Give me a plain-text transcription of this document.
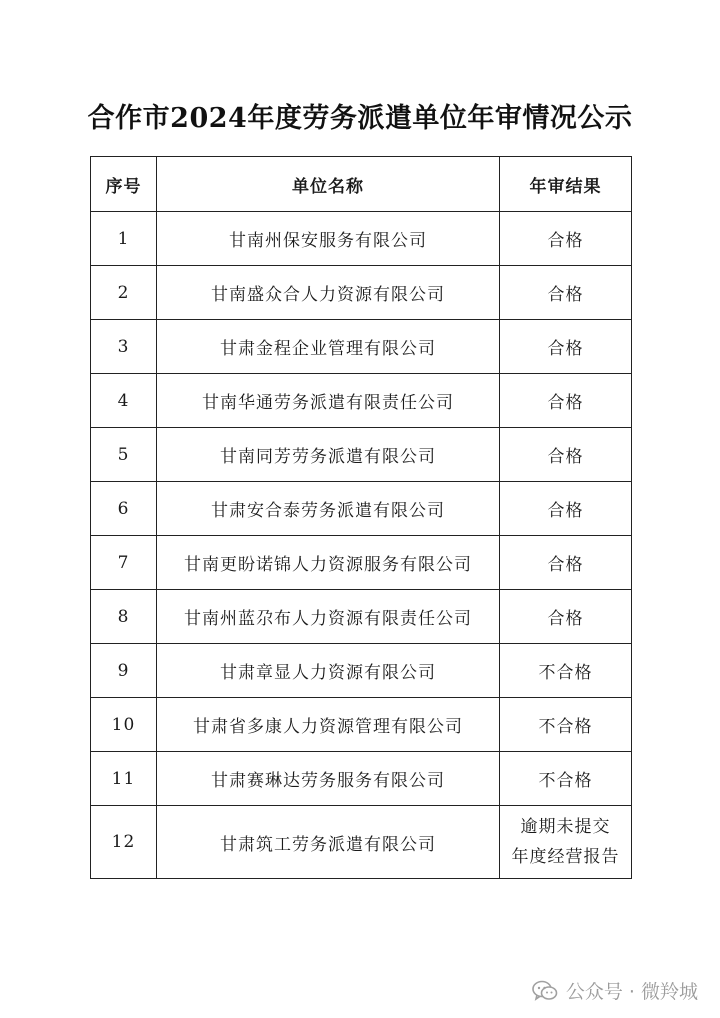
合作市2024年度劳务派遣单位年审情况公示
序号	单位名称	年审结果
1	甘南州保安服务有限公司	合格
2	甘南盛众合人力资源有限公司	合格
3	甘肃金程企业管理有限公司	合格
4	甘南华通劳务派遣有限责任公司	合格
5	甘南同芳劳务派遣有限公司	合格
6	甘肃安合泰劳务派遣有限公司	合格
7	甘南更盼诺锦人力资源服务有限公司	合格
8	甘南州蓝尕布人力资源有限责任公司	合格
9	甘肃章显人力资源有限公司	不合格
10	甘肃省多康人力资源管理有限公司	不合格
11	甘肃赛琳达劳务服务有限公司	不合格
12	甘肃筑工劳务派遣有限公司	逾期未提交
年度经营报告
公众号 · 微羚城
